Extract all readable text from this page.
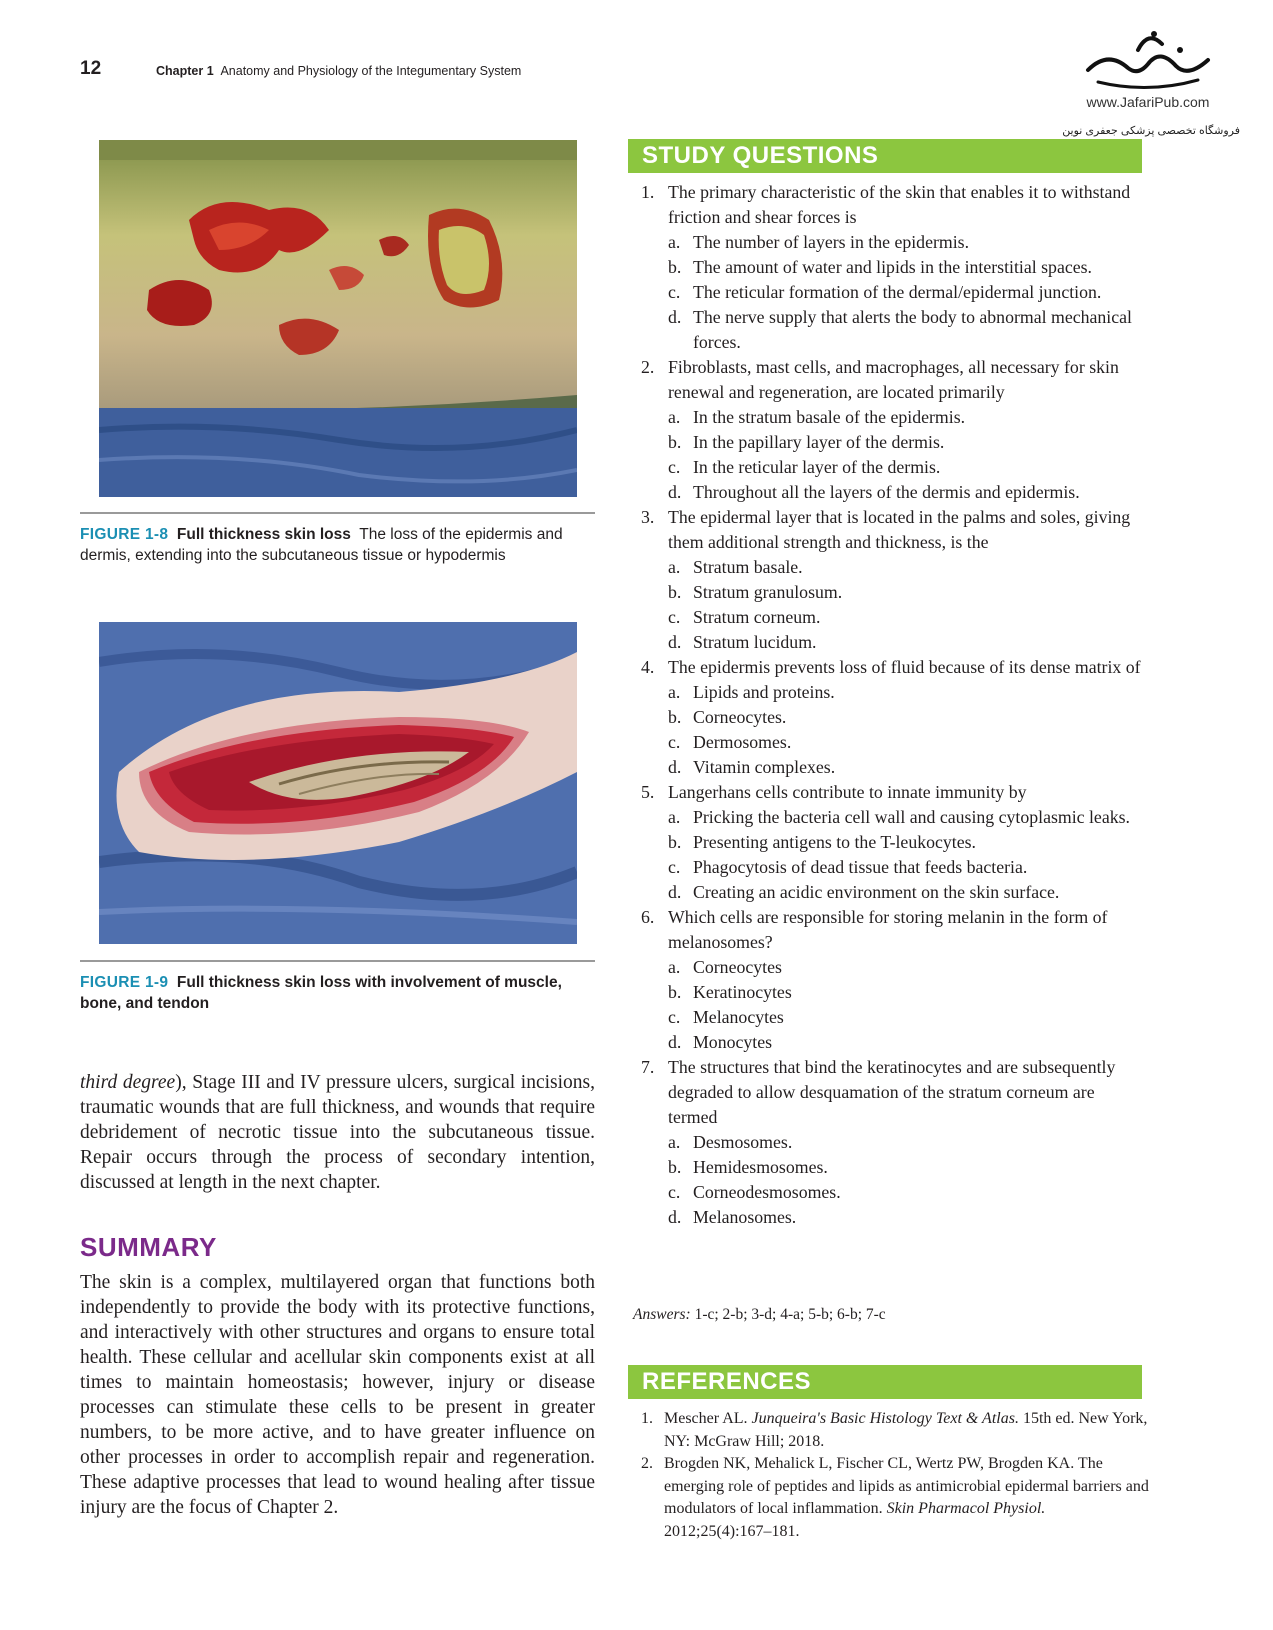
12	Chapter 1 Anatomy and Physiology of the Integumentary System
www.JafariPub.com
فروشگاه تخصصی پزشکی جعفری نوین
FIGURE 1-8 Full thickness skin loss The loss of the epidermis and dermis, extending into the subcutaneous tissue or hypodermis
FIGURE 1-9 Full thickness skin loss with involvement of muscle, bone, and tendon

third degree), Stage III and IV pressure ulcers, surgical incisions, traumatic wounds that are full thickness, and wounds that require debridement of necrotic tissue into the subcutaneous tissue. Repair occurs through the process of secondary intention, discussed at length in the next chapter.

SUMMARY

The skin is a complex, multilayered organ that functions both independently to provide the body with its protective functions, and interactively with other structures and organs to ensure total health. These cellular and acellular skin components exist at all times to maintain homeostasis; however, injury or disease processes can stimulate these cells to be present in greater numbers, to be more active, and to have greater influence on other processes in order to accomplish repair and regeneration. These adaptive processes that lead to wound healing after tissue injury are the focus of Chapter 2.

STUDY QUESTIONS
1. The primary characteristic of the skin that enables it to withstand friction and shear forces is
a. The number of layers in the epidermis.
b. The amount of water and lipids in the interstitial spaces.
c. The reticular formation of the dermal/epidermal junction.
d. The nerve supply that alerts the body to abnormal mechanical forces.
2. Fibroblasts, mast cells, and macrophages, all necessary for skin renewal and regeneration, are located primarily
a. In the stratum basale of the epidermis.
b. In the papillary layer of the dermis.
c. In the reticular layer of the dermis.
d. Throughout all the layers of the dermis and epidermis.
3. The epidermal layer that is located in the palms and soles, giving them additional strength and thickness, is the
a. Stratum basale.
b. Stratum granulosum.
c. Stratum corneum.
d. Stratum lucidum.
4. The epidermis prevents loss of fluid because of its dense matrix of
a. Lipids and proteins.
b. Corneocytes.
c. Dermosomes.
d. Vitamin complexes.
5. Langerhans cells contribute to innate immunity by
a. Pricking the bacteria cell wall and causing cytoplasmic leaks.
b. Presenting antigens to the T-leukocytes.
c. Phagocytosis of dead tissue that feeds bacteria.
d. Creating an acidic environment on the skin surface.
6. Which cells are responsible for storing melanin in the form of melanosomes?
a. Corneocytes
b. Keratinocytes
c. Melanocytes
d. Monocytes
7. The structures that bind the keratinocytes and are subsequently degraded to allow desquamation of the stratum corneum are termed
a. Desmosomes.
b. Hemidesmosomes.
c. Corneodesmosomes.
d. Melanosomes.
Answers: 1-c; 2-b; 3-d; 4-a; 5-b; 6-b; 7-c
REFERENCES
1. Mescher AL. Junqueira's Basic Histology Text & Atlas. 15th ed. New York, NY: McGraw Hill; 2018.
2. Brogden NK, Mehalick L, Fischer CL, Wertz PW, Brogden KA. The emerging role of peptides and lipids as antimicrobial epidermal barriers and modulators of local inflammation. Skin Pharmacol Physiol. 2012;25(4):167–181.
